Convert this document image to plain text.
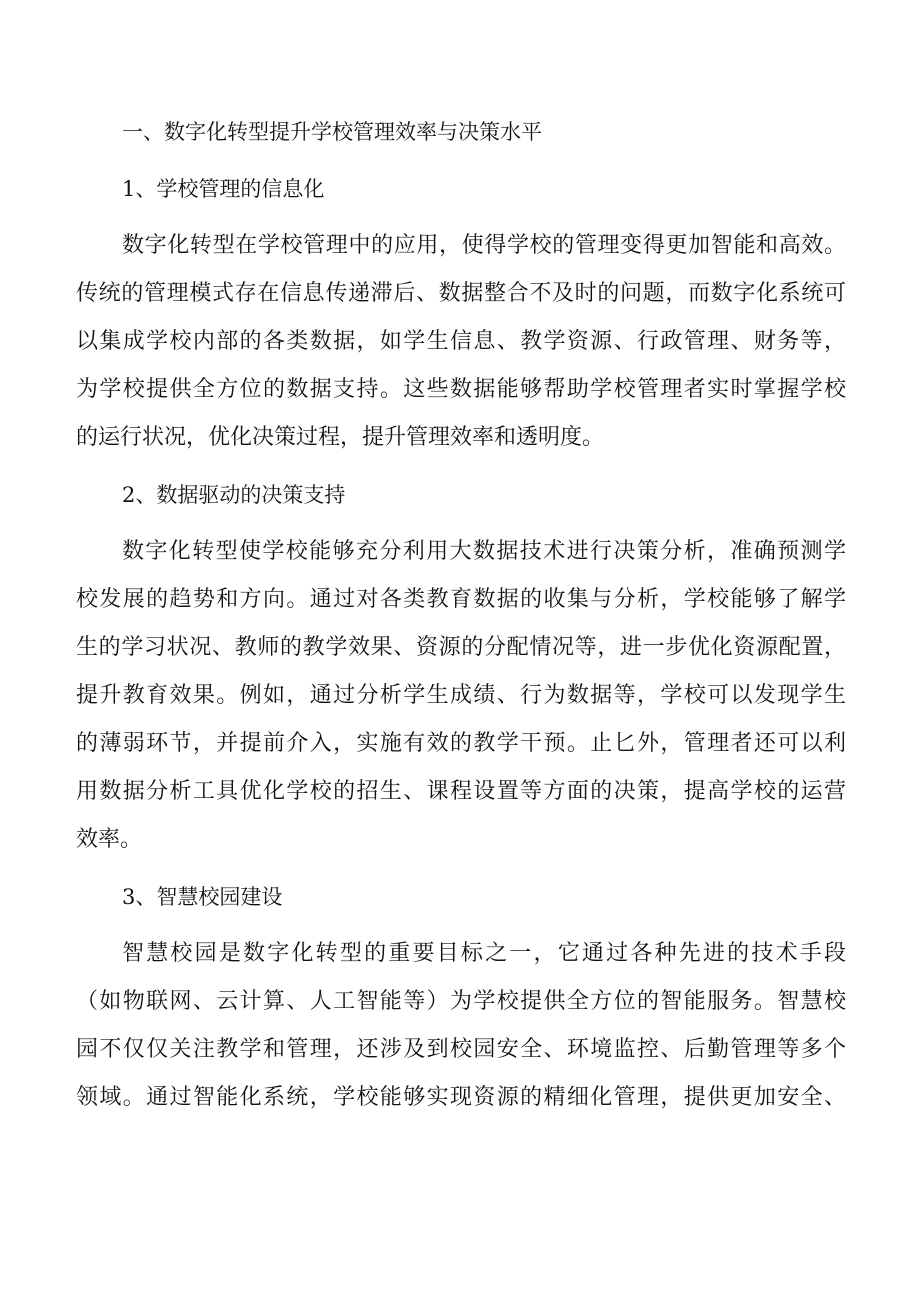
一、数字化转型提升学校管理效率与决策水平
1、学校管理的信息化
数字化转型在学校管理中的应用，使得学校的管理变得更加智能和高效。
传统的管理模式存在信息传递滞后、数据整合不及时的问题，而数字化系统可
以集成学校内部的各类数据，如学生信息、教学资源、行政管理、财务等，
为学校提供全方位的数据支持。这些数据能够帮助学校管理者实时掌握学校
的运行状况，优化决策过程，提升管理效率和透明度。
2、数据驱动的决策支持
数字化转型使学校能够充分利用大数据技术进行决策分析，准确预测学
校发展的趋势和方向。通过对各类教育数据的收集与分析，学校能够了解学
生的学习状况、教师的教学效果、资源的分配情况等，进一步优化资源配置，
提升教育效果。例如，通过分析学生成绩、行为数据等，学校可以发现学生
的薄弱环节，并提前介入，实施有效的教学干预。止匕外，管理者还可以利
用数据分析工具优化学校的招生、课程设置等方面的决策，提高学校的运营
效率。
3、智慧校园建设
智慧校园是数字化转型的重要目标之一，它通过各种先进的技术手段
（如物联网、云计算、人工智能等）为学校提供全方位的智能服务。智慧校
园不仅仅关注教学和管理，还涉及到校园安全、环境监控、后勤管理等多个
领域。通过智能化系统，学校能够实现资源的精细化管理，提供更加安全、
